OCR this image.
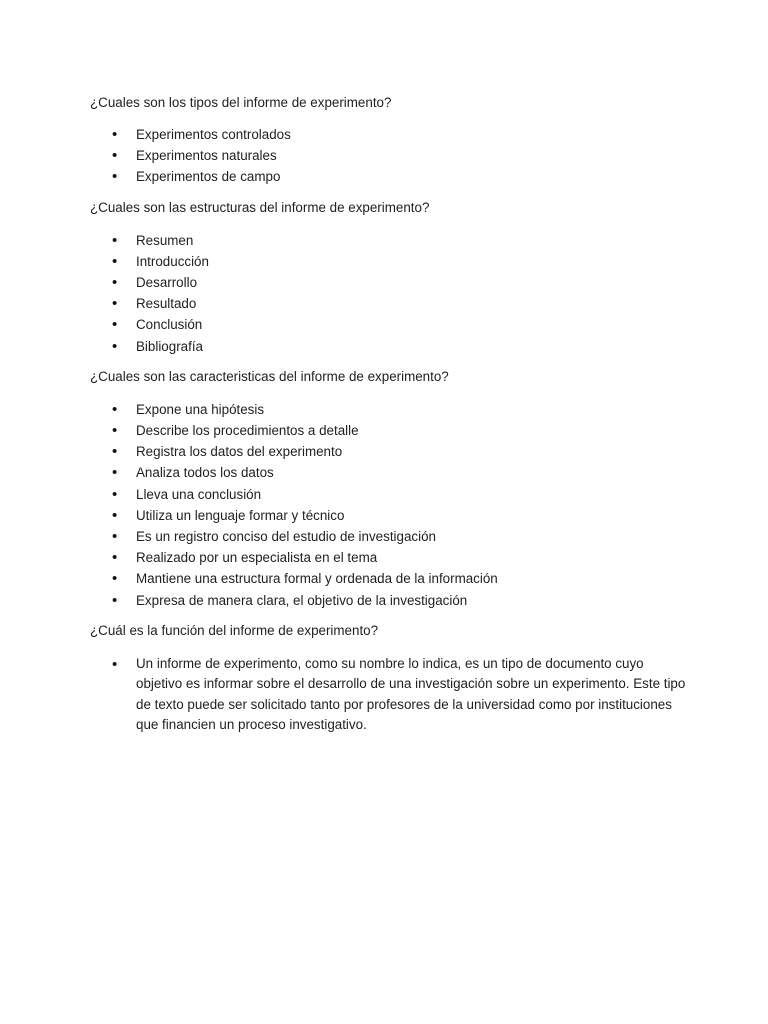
¿Cuales son los tipos del informe de experimento?

• Experimentos controlados
• Experimentos naturales
• Experimentos de campo

¿Cuales son las estructuras del informe de experimento?

• Resumen
• Introducción
• Desarrollo
• Resultado
• Conclusión
• Bibliografía

¿Cuales son las caracteristicas del informe de experimento?

• Expone una hipótesis
• Describe los procedimientos a detalle
• Registra los datos del experimento
• Analiza todos los datos
• Lleva una conclusión
• Utiliza un lenguaje formar y técnico
• Es un registro conciso del estudio de investigación
• Realizado por un especialista en el tema
• Mantiene una estructura formal y ordenada de la información
• Expresa de manera clara, el objetivo de la investigación

¿Cuál es la función del informe de experimento?

• Un informe de experimento, como su nombre lo indica, es un tipo de documento cuyo objetivo es informar sobre el desarrollo de una investigación sobre un experimento. Este tipo de texto puede ser solicitado tanto por profesores de la universidad como por instituciones que financien un proceso investigativo.
